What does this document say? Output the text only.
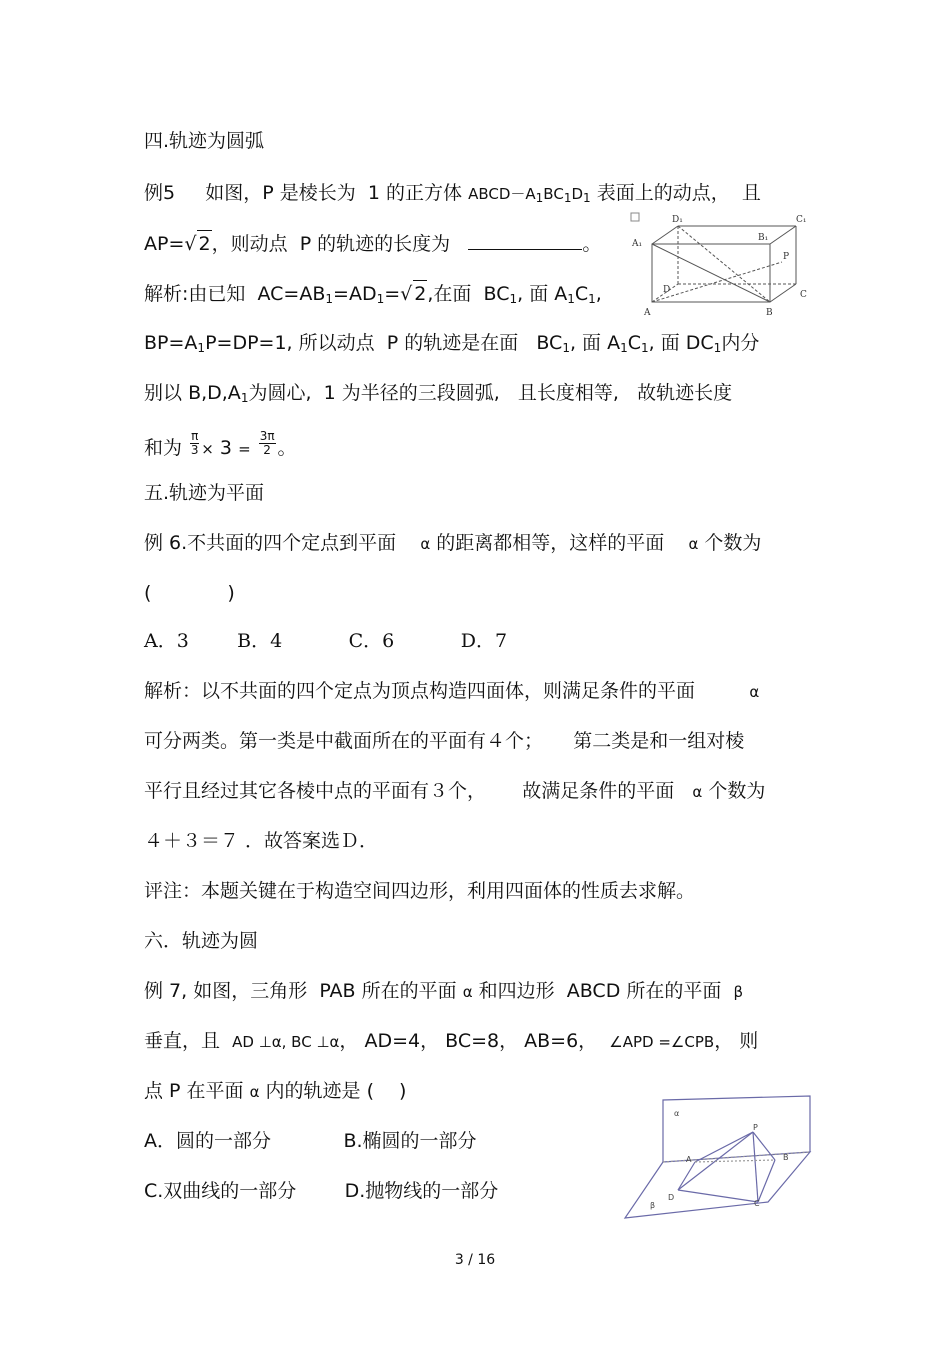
四.轨迹为圆弧
例5 如图，P 是棱长为 1 的正方体 $ABCD-A_1BC_1D_1$ 表面上的动点， 且
AP=√ 2，则动点 P 的轨迹的长度为	。
D₁	C₁
A₁
B₁
P
D	C
A	B
解析:由已知 $AC=AB_1=AD_1=√$ 2,在面 $BC_1$, 面 $A_1C_1$,
$BP=A_1P=DP=1$, 所以动点 P 的轨迹是在面 $BC_1$, 面 $A_1C_1$, 面 $DC_1$内分
别以 $B,D,A_1$为圆心, 1 为半径的三段圆弧, 且长度相等, 故轨迹长度
和为 $\frac{\pi}{3} \times 3 = \frac{3\pi}{2}$ 。
五.轨迹为平面
例 6.不共面的四个定点到平面 α 的距离都相等，这样的平面 α 个数为
(　　　　)
A．3	B．4	C．6	D．7
解析：以不共面的四个定点为顶点构造四面体，则满足条件的平面	α
可分两类。第一类是中截面所在的平面有４个； 第二类是和一组对棱
平行且经过其它各棱中点的平面有３个， 故满足条件的平面 α 个数为
４＋３＝７ ．故答案选Ｄ．
评注：本题关键在于构造空间四边形，利用四面体的性质去求解。
六．轨迹为圆
例 7, 如图，三角形 PAB 所在的平面 α 和四边形 ABCD 所在的平面 β
垂直，且 AD ⊥α, BC ⊥α， AD=4， BC=8， AB=6， ∠APD =∠CPB， 则
点 P 在平面 α 内的轨迹是 (　 )
A．圆的一部分	B.椭圆的一部分
C.双曲线的一部分	D.抛物线的一部分
α
P
A	B
D
C
β
3 / 16
